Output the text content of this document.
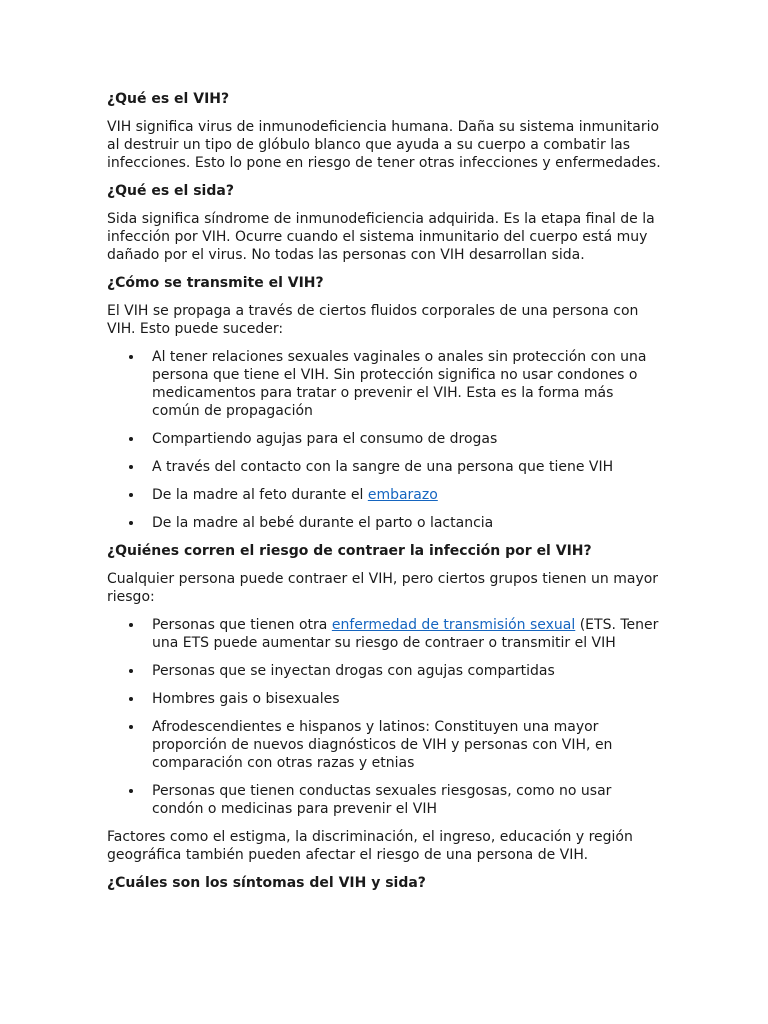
¿Qué es el VIH?

VIH significa virus de inmunodeficiencia humana. Daña su sistema inmunitario al destruir un tipo de glóbulo blanco que ayuda a su cuerpo a combatir las infecciones. Esto lo pone en riesgo de tener otras infecciones y enfermedades.

¿Qué es el sida?

Sida significa síndrome de inmunodeficiencia adquirida. Es la etapa final de la infección por VIH. Ocurre cuando el sistema inmunitario del cuerpo está muy dañado por el virus. No todas las personas con VIH desarrollan sida.

¿Cómo se transmite el VIH?

El VIH se propaga a través de ciertos fluidos corporales de una persona con VIH. Esto puede suceder:

Al tener relaciones sexuales vaginales o anales sin protección con una persona que tiene el VIH. Sin protección significa no usar condones o medicamentos para tratar o prevenir el VIH. Esta es la forma más común de propagación
Compartiendo agujas para el consumo de drogas
A través del contacto con la sangre de una persona que tiene VIH
De la madre al feto durante el embarazo
De la madre al bebé durante el parto o lactancia
¿Quiénes corren el riesgo de contraer la infección por el VIH?

Cualquier persona puede contraer el VIH, pero ciertos grupos tienen un mayor riesgo:

Personas que tienen otra enfermedad de transmisión sexual (ETS. Tener una ETS puede aumentar su riesgo de contraer o transmitir el VIH
Personas que se inyectan drogas con agujas compartidas
Hombres gais o bisexuales
Afrodescendientes e hispanos y latinos: Constituyen una mayor proporción de nuevos diagnósticos de VIH y personas con VIH, en comparación con otras razas y etnias
Personas que tienen conductas sexuales riesgosas, como no usar condón o medicinas para prevenir el VIH

Factores como el estigma, la discriminación, el ingreso, educación y región geográfica también pueden afectar el riesgo de una persona de VIH.

¿Cuáles son los síntomas del VIH y sida?
